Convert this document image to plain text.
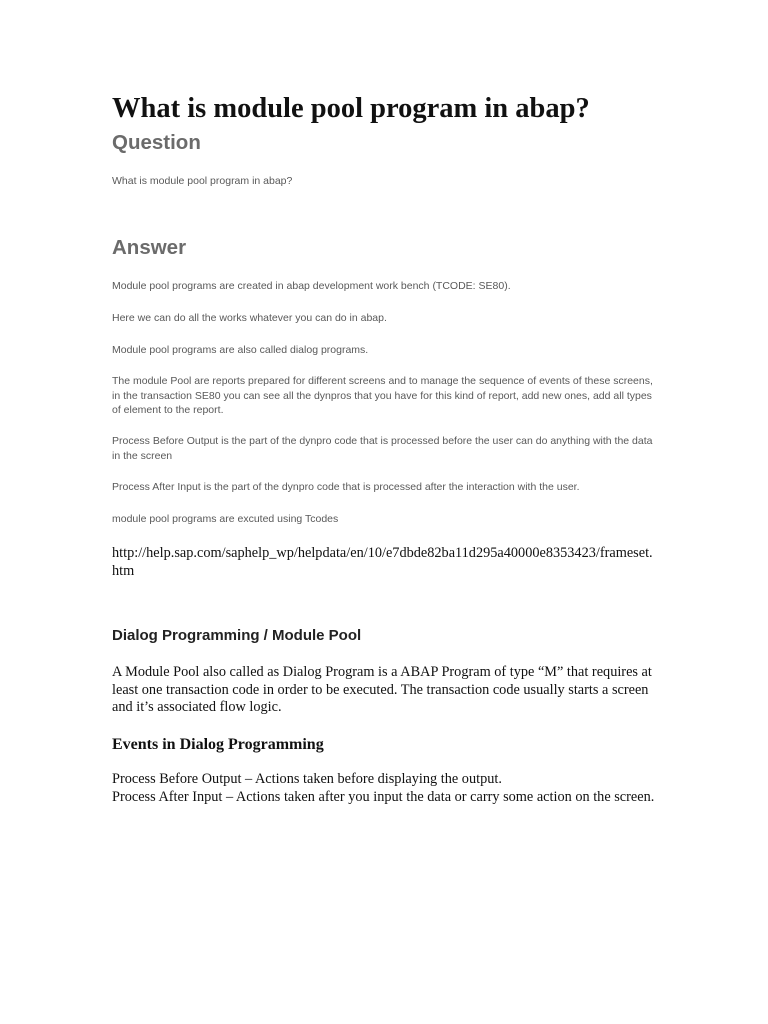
What is module pool program in abap?
Question

What is module pool program in abap?

Answer

Module pool programs are created in abap development work bench (TCODE: SE80).

Here we can do all the works whatever you can do in abap.

Module pool programs are also called dialog programs.

The module Pool are reports prepared for different screens and to manage the sequence of events of these screens, in the transaction SE80 you can see all the dynpros that you have for this kind of report, add new ones, add all types of element to the report.

Process Before Output is the part of the dynpro code that is processed before the user can do anything with the data in the screen

Process After Input is the part of the dynpro code that is processed after the interaction with the user.

module pool programs are excuted using Tcodes

http://help.sap.com/saphelp_wp/helpdata/en/10/e7dbde82ba11d295a40000e8353423/frameset.htm

Dialog Programming / Module Pool

A Module Pool also called as Dialog Program is a ABAP Program of type “M” that requires at least one transaction code in order to be executed. The transaction code usually starts a screen and it’s associated flow logic.

Events in Dialog Programming

Process Before Output – Actions taken before displaying the output.
Process After Input – Actions taken after you input the data or carry some action on the screen.
